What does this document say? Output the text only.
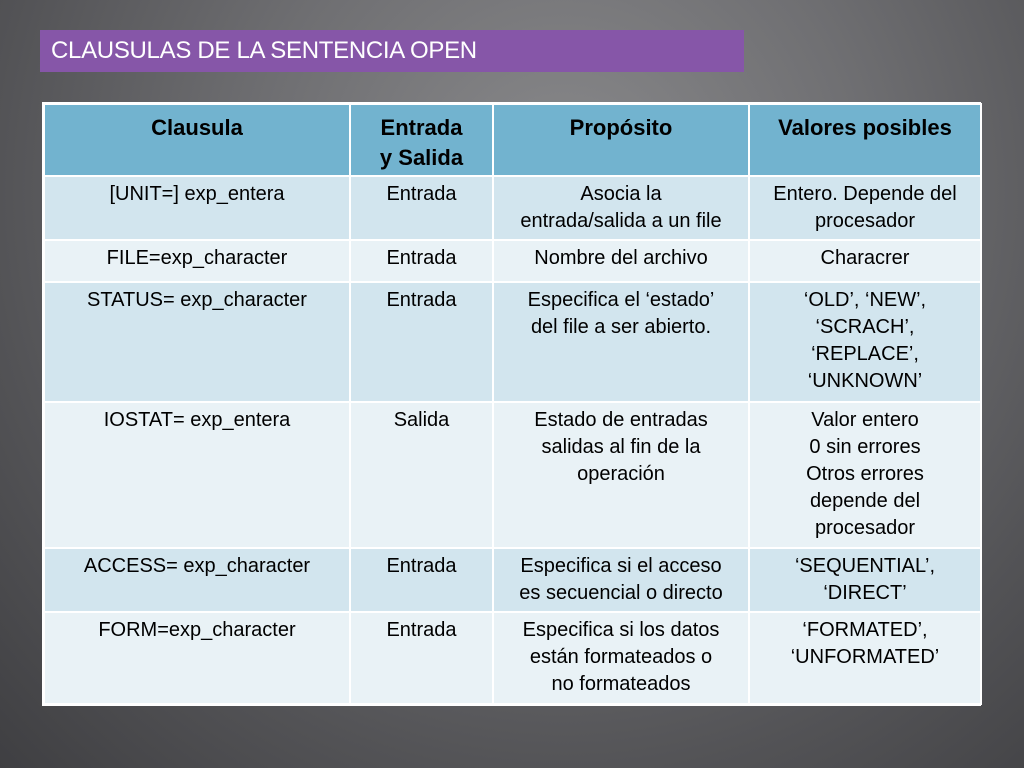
CLAUSULAS DE LA SENTENCIA OPEN
Clausula	Entrada
y Salida	Propósito	Valores posibles

[UNIT=] exp_entera	Entrada	Asocia la
entrada/salida a un file	Entero. Depende del
procesador

FILE=exp_character	Entrada	Nombre del archivo	Characrer

STATUS= exp_character	Entrada	Especifica el ‘estado’
del file a ser abierto.	‘OLD’, ‘NEW’,
‘SCRACH’,
‘REPLACE’,
‘UNKNOWN’

IOSTAT= exp_entera	Salida	Estado de entradas
salidas al fin de la
operación	Valor entero
0 sin errores
Otros errores
depende del
procesador

ACCESS= exp_character	Entrada	Especifica si el acceso
es secuencial o directo	‘SEQUENTIAL’,
‘DIRECT’

FORM=exp_character	Entrada	Especifica si los datos
están formateados o
no formateados	‘FORMATED’,
‘UNFORMATED’
